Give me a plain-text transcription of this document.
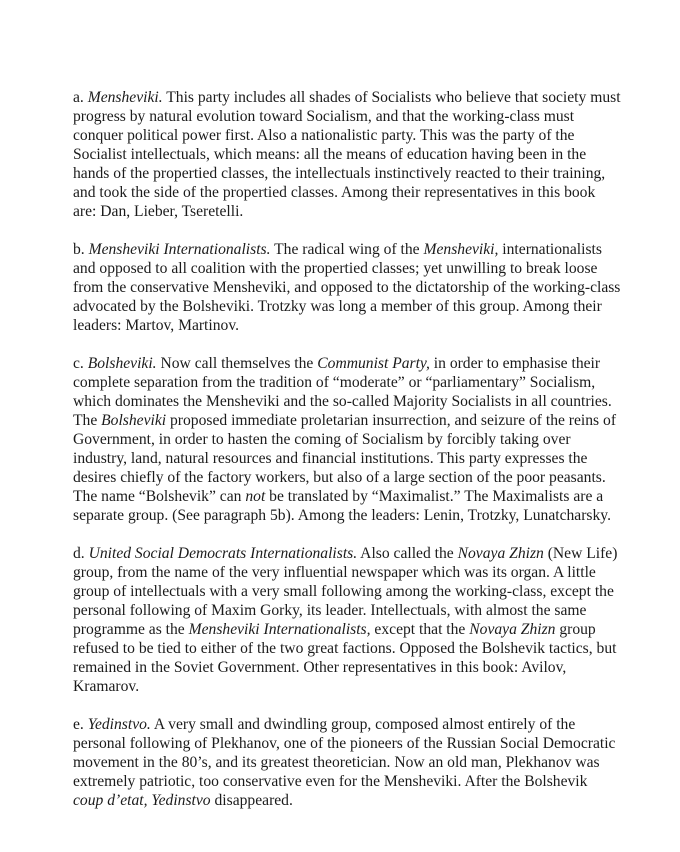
a. Mensheviki. This party includes all shades of Socialists who believe that society must progress by natural evolution toward Socialism, and that the working-class must conquer political power first. Also a nationalistic party. This was the party of the Socialist intellectuals, which means: all the means of education having been in the hands of the propertied classes, the intellectuals instinctively reacted to their training, and took the side of the propertied classes. Among their representatives in this book are: Dan, Lieber, Tseretelli.

b. Mensheviki Internationalists. The radical wing of the Mensheviki, internationalists and opposed to all coalition with the propertied classes; yet unwilling to break loose from the conservative Mensheviki, and opposed to the dictatorship of the working-class advocated by the Bolsheviki. Trotzky was long a member of this group. Among their leaders: Martov, Martinov.

c. Bolsheviki. Now call themselves the Communist Party, in order to emphasise their complete separation from the tradition of “moderate” or “parliamentary” Socialism, which dominates the Mensheviki and the so-called Majority Socialists in all countries. The Bolsheviki proposed immediate proletarian insurrection, and seizure of the reins of Government, in order to hasten the coming of Socialism by forcibly taking over industry, land, natural resources and financial institutions. This party expresses the desires chiefly of the factory workers, but also of a large section of the poor peasants. The name “Bolshevik” can not be translated by “Maximalist.” The Maximalists are a separate group. (See paragraph 5b). Among the leaders: Lenin, Trotzky, Lunatcharsky.

d. United Social Democrats Internationalists. Also called the Novaya Zhizn (New Life) group, from the name of the very influential newspaper which was its organ. A little group of intellectuals with a very small following among the working-class, except the personal following of Maxim Gorky, its leader. Intellectuals, with almost the same programme as the Mensheviki Internationalists, except that the Novaya Zhizn group refused to be tied to either of the two great factions. Opposed the Bolshevik tactics, but remained in the Soviet Government. Other representatives in this book: Avilov, Kramarov.

e. Yedinstvo. A very small and dwindling group, composed almost entirely of the personal following of Plekhanov, one of the pioneers of the Russian Social Democratic movement in the 80’s, and its greatest theoretician. Now an old man, Plekhanov was extremely patriotic, too conservative even for the Mensheviki. After the Bolshevik coup d’etat, Yedinstvo disappeared.
